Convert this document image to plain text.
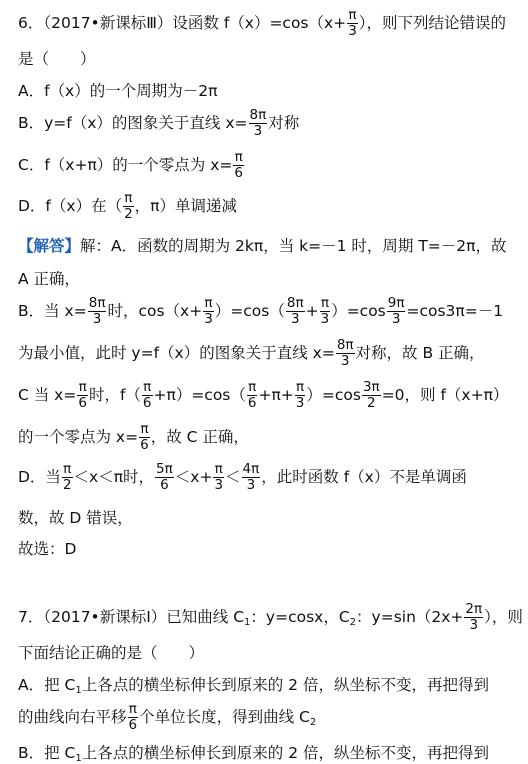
6．（2017•新课标Ⅲ）设函数 $f(x)=\cos(x+ \frac{\pi}{3}$ ），则下列结论错误的
是（　　）
A．f（x）的一个周期为－2π
B．y=f（x）的图象关于直线 $x= \frac{8\pi}{3}$ 对称
C．f（x+π）的一个零点为 $x= \frac{\pi}{6}$
D．f（x）在（ $\frac{\pi}{2}$ ，π）单调递减
【解答】解：A．函数的周期为 2kπ，当 k=－1 时，周期 T=－2π，故
A 正确，
B．当 $x= \frac{8\pi}{3}$ 时，$\cos(x+ \frac{\pi}{3} )=\cos( \frac{8\pi}{3} + \frac{\pi}{3} )=\cos \frac{9\pi}{3} =\cos 3\pi=-1$
为最小值，此时 y=f（x）的图象关于直线 $x= \frac{8\pi}{3}$ 对称，故 B 正确，
C 当 $x= \frac{\pi}{6}$ 时，$f( \frac{\pi}{6} +\pi)=\cos( \frac{\pi}{6} +\pi+ \frac{\pi}{3} )=\cos \frac{3\pi}{2} =0$，则 f（x+π）
的一个零点为 $x= \frac{\pi}{6}$ ，故 C 正确，
D．当 $\frac{\pi}{2} <x<\pi$时， $\frac{5\pi}{6} <x+ \frac{\pi}{3} < \frac{4\pi}{3}$ ，此时函数 f（x）不是单调函
数，故 D 错误，
故选：D
7．（2017•新课标Ⅰ）已知曲线 $C_1$：y=cosx，$C_2$：$y=\sin(2x+ \frac{2\pi}{3}$ ），则
下面结论正确的是（　　）
A．把 $C_1$上各点的横坐标伸长到原来的 2 倍，纵坐标不变，再把得到
的曲线向右平移 $\frac{\pi}{6}$ 个单位长度，得到曲线 $C_2$
B．把 $C_1$上各点的横坐标伸长到原来的 2 倍，纵坐标不变，再把得到
